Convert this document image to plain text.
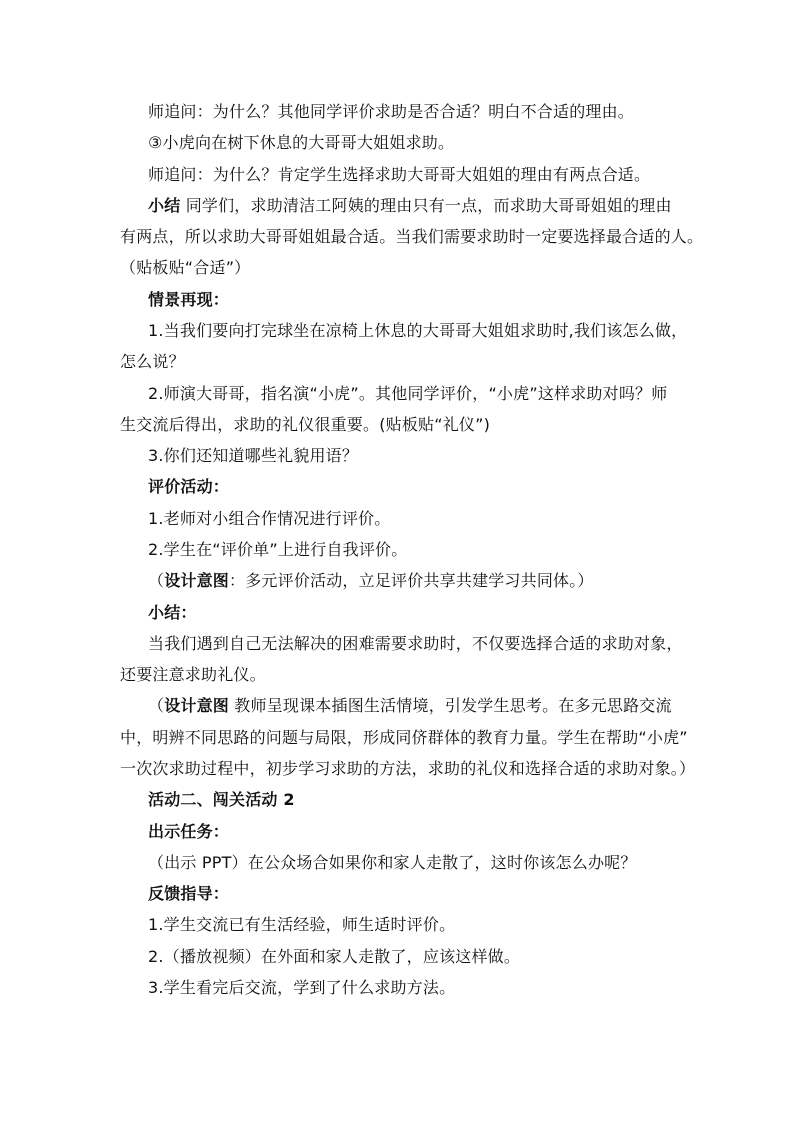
师追问：为什么？其他同学评价求助是否合适？明白不合适的理由。
③小虎向在树下休息的大哥哥大姐姐求助。
师追问：为什么？肯定学生选择求助大哥哥大姐姐的理由有两点合适。
小结 同学们，求助清洁工阿姨的理由只有一点，而求助大哥哥姐姐的理由
有两点，所以求助大哥哥姐姐最合适。当我们需要求助时一定要选择最合适的人。
（贴板贴“合适”）
情景再现：
1.当我们要向打完球坐在凉椅上休息的大哥哥大姐姐求助时,我们该怎么做，
怎么说？
2.师演大哥哥，指名演“小虎”。其他同学评价，“小虎”这样求助对吗？师
生交流后得出，求助的礼仪很重要。(贴板贴“礼仪”)
3.你们还知道哪些礼貌用语？
评价活动：
1.老师对小组合作情况进行评价。
2.学生在“评价单”上进行自我评价。
（设计意图：多元评价活动，立足评价共享共建学习共同体。）
小结：
当我们遇到自己无法解决的困难需要求助时，不仅要选择合适的求助对象，
还要注意求助礼仪。
（设计意图 教师呈现课本插图生活情境，引发学生思考。在多元思路交流
中，明辨不同思路的问题与局限，形成同侪群体的教育力量。学生在帮助“小虎”
一次次求助过程中，初步学习求助的方法，求助的礼仪和选择合适的求助对象。）
活动二、闯关活动 2
出示任务：
（出示 PPT）在公众场合如果你和家人走散了，这时你该怎么办呢？
反馈指导：
1.学生交流已有生活经验，师生适时评价。
2.（播放视频）在外面和家人走散了，应该这样做。
3.学生看完后交流，学到了什么求助方法。
